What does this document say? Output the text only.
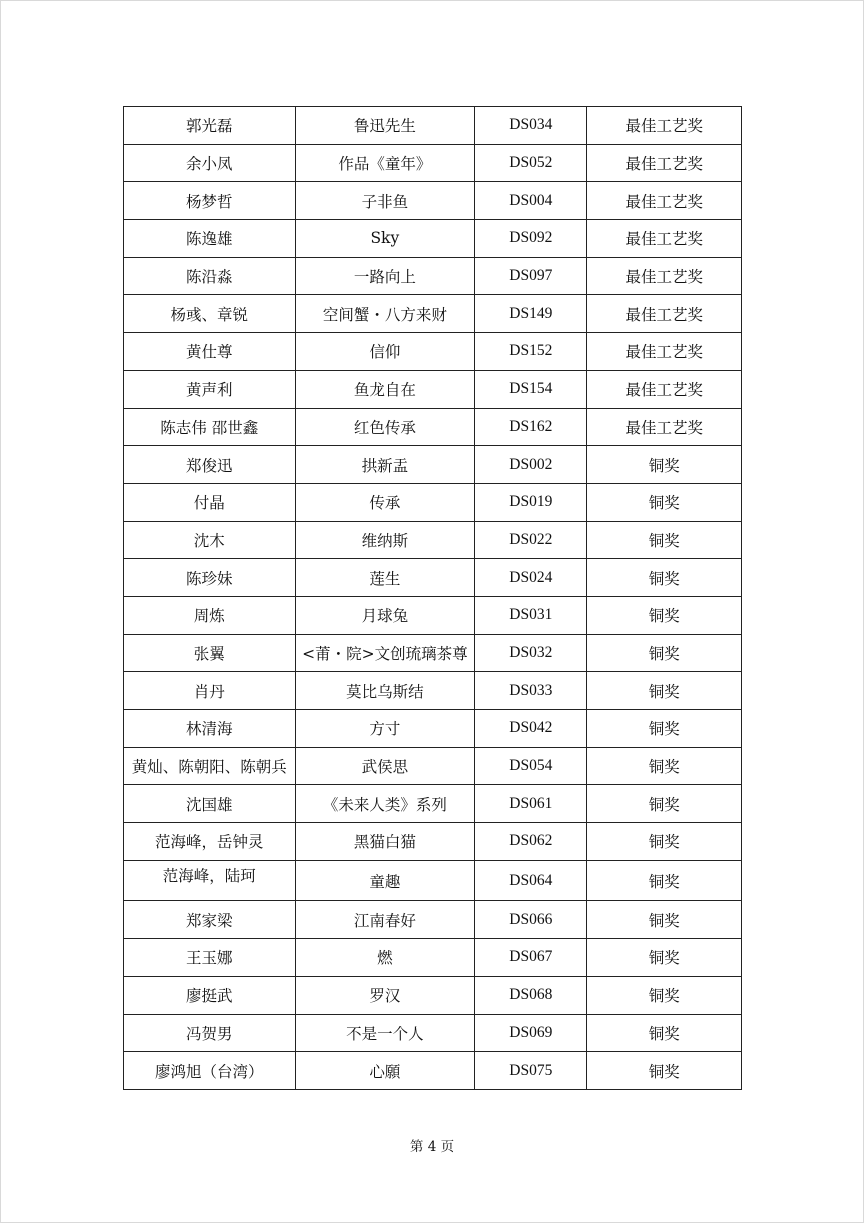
郭光磊	鲁迅先生	DS034	最佳工艺奖
余小凤	作品《童年》	DS052	最佳工艺奖
杨梦哲	子非鱼	DS004	最佳工艺奖
陈逸雄	Sky	DS092	最佳工艺奖
陈沿淼	一路向上	DS097	最佳工艺奖
杨彧、章锐	空间蟹・八方来财	DS149	最佳工艺奖
黄仕尊	信仰	DS152	最佳工艺奖
黄声利	鱼龙自在	DS154	最佳工艺奖
陈志伟 邵世鑫	红色传承	DS162	最佳工艺奖
郑俊迅	拱新盂	DS002	铜奖
付晶	传承	DS019	铜奖
沈木	维纳斯	DS022	铜奖
陈珍妹	莲生	DS024	铜奖
周炼	月球兔	DS031	铜奖
张翼	<莆・院>文创琉璃茶尊	DS032	铜奖
肖丹	莫比乌斯结	DS033	铜奖
林清海	方寸	DS042	铜奖
黄灿、陈朝阳、陈朝兵	武侯思	DS054	铜奖
沈国雄	《未来人类》系列	DS061	铜奖
范海峰，岳钟灵	黑猫白猫	DS062	铜奖
范海峰，陆珂	童趣	DS064	铜奖
郑家梁	江南春好	DS066	铜奖
王玉娜	燃	DS067	铜奖
廖挺武	罗汉	DS068	铜奖
冯贺男	不是一个人	DS069	铜奖
廖鸿旭（台湾）	心願	DS075	铜奖
第 4 页
